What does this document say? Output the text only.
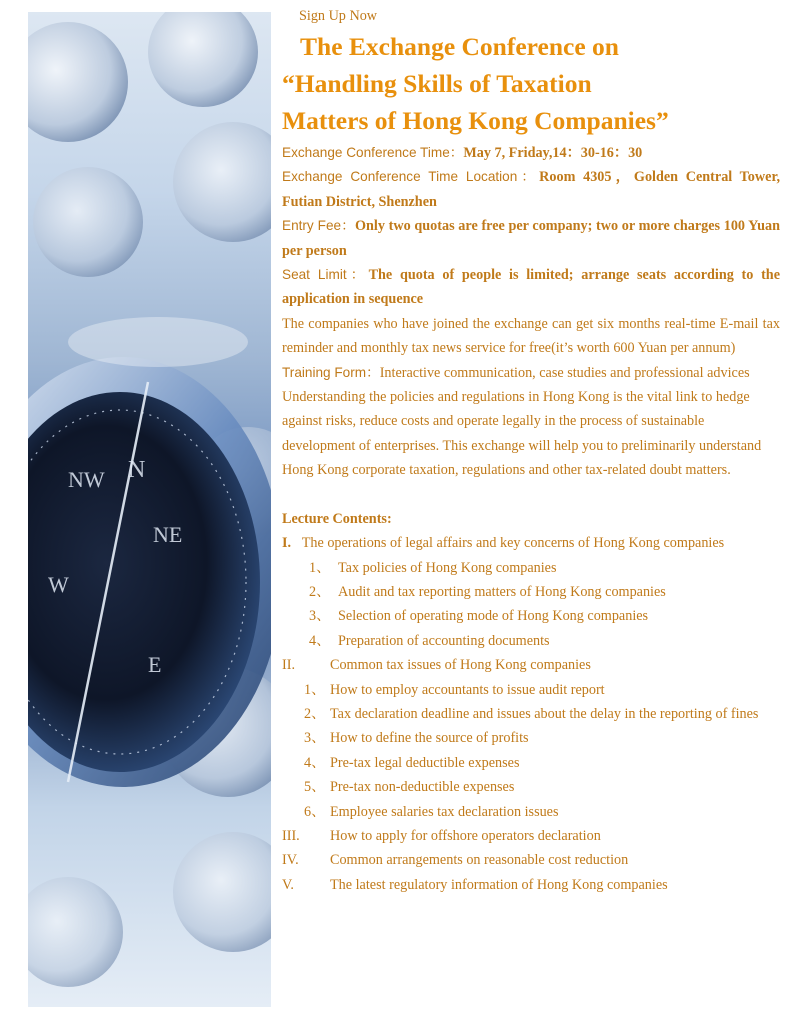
NW N
NE
E
W
Sign Up Now
The Exchange Conference on
“Handling Skills of Taxation
Matters of Hong Kong Companies”

Exchange Conference Time：May 7, Friday,14：30-16：30

Exchange Conference Time Location：Room 4305，Golden Central Tower, Futian District, Shenzhen

Entry Fee：Only two quotas are free per company; two or more charges 100 Yuan per person

Seat Limit：The quota of people is limited; arrange seats according to the application in sequence

The companies who have joined the exchange can get six months real-time E-mail tax reminder and monthly tax news service for free(it’s worth 600 Yuan per annum)

Training Form：Interactive communication, case studies and professional advices

Understanding the policies and regulations in Hong Kong is the vital link to hedge against risks, reduce costs and operate legally in the process of sustainable development of enterprises. This exchange will help you to preliminarily understand Hong Kong corporate taxation, regulations and other tax-related doubt matters.

Lecture Contents:

I. The operations of legal affairs and key concerns of Hong Kong companies

1、 Tax policies of Hong Kong companies
2、 Audit and tax reporting matters of Hong Kong companies
3、 Selection of operating mode of Hong Kong companies
4、 Preparation of accounting documents
II. Common tax issues of Hong Kong companies
1、 How to employ accountants to issue audit report
2、 Tax declaration deadline and issues about the delay in the reporting of fines
3、 How to define the source of profits
4、 Pre-tax legal deductible expenses
5、 Pre-tax non-deductible expenses
6、 Employee salaries tax declaration issues
III. How to apply for offshore operators declaration
IV. Common arrangements on reasonable cost reduction
V.	The latest regulatory information of Hong Kong companies
